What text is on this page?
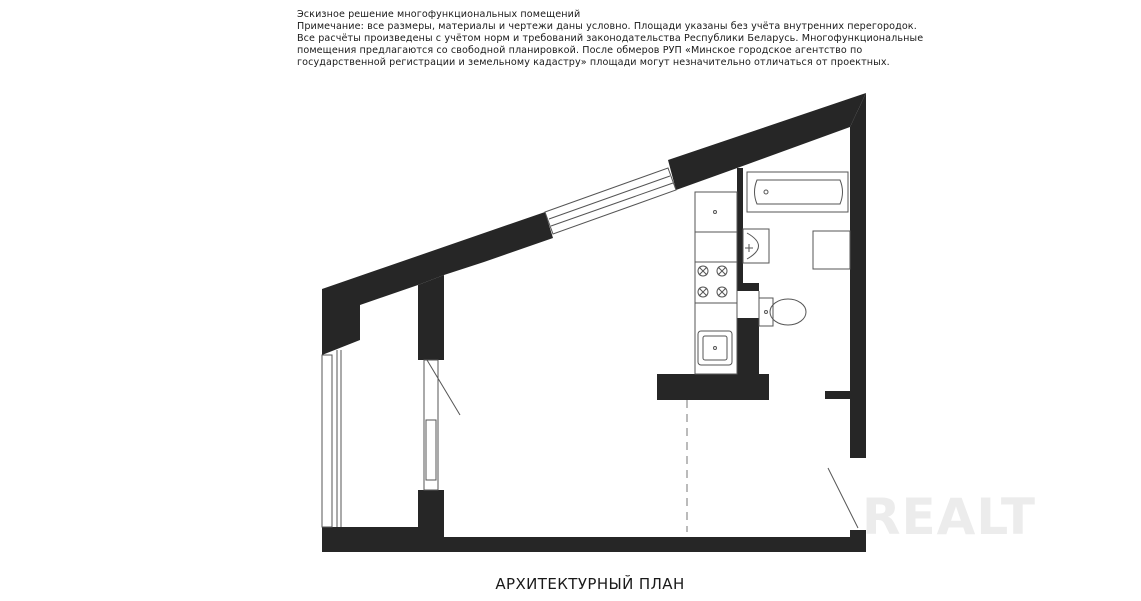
Эскизное решение многофункциональных помещений
Примечание: все размеры, материалы и чертежи даны условно. Площади указаны без учёта внутренних перегородок.
Все расчёты произведены с учётом норм и требований законодательства Республики Беларусь. Многофункциональные
помещения предлагаются со свободной планировкой. После обмеров РУП «Минское городское агентство по
государственной регистрации и земельному кадастру» площади могут незначительно отличаться от проектных.
REALT
АРХИТЕКТУРНЫЙ ПЛАН
